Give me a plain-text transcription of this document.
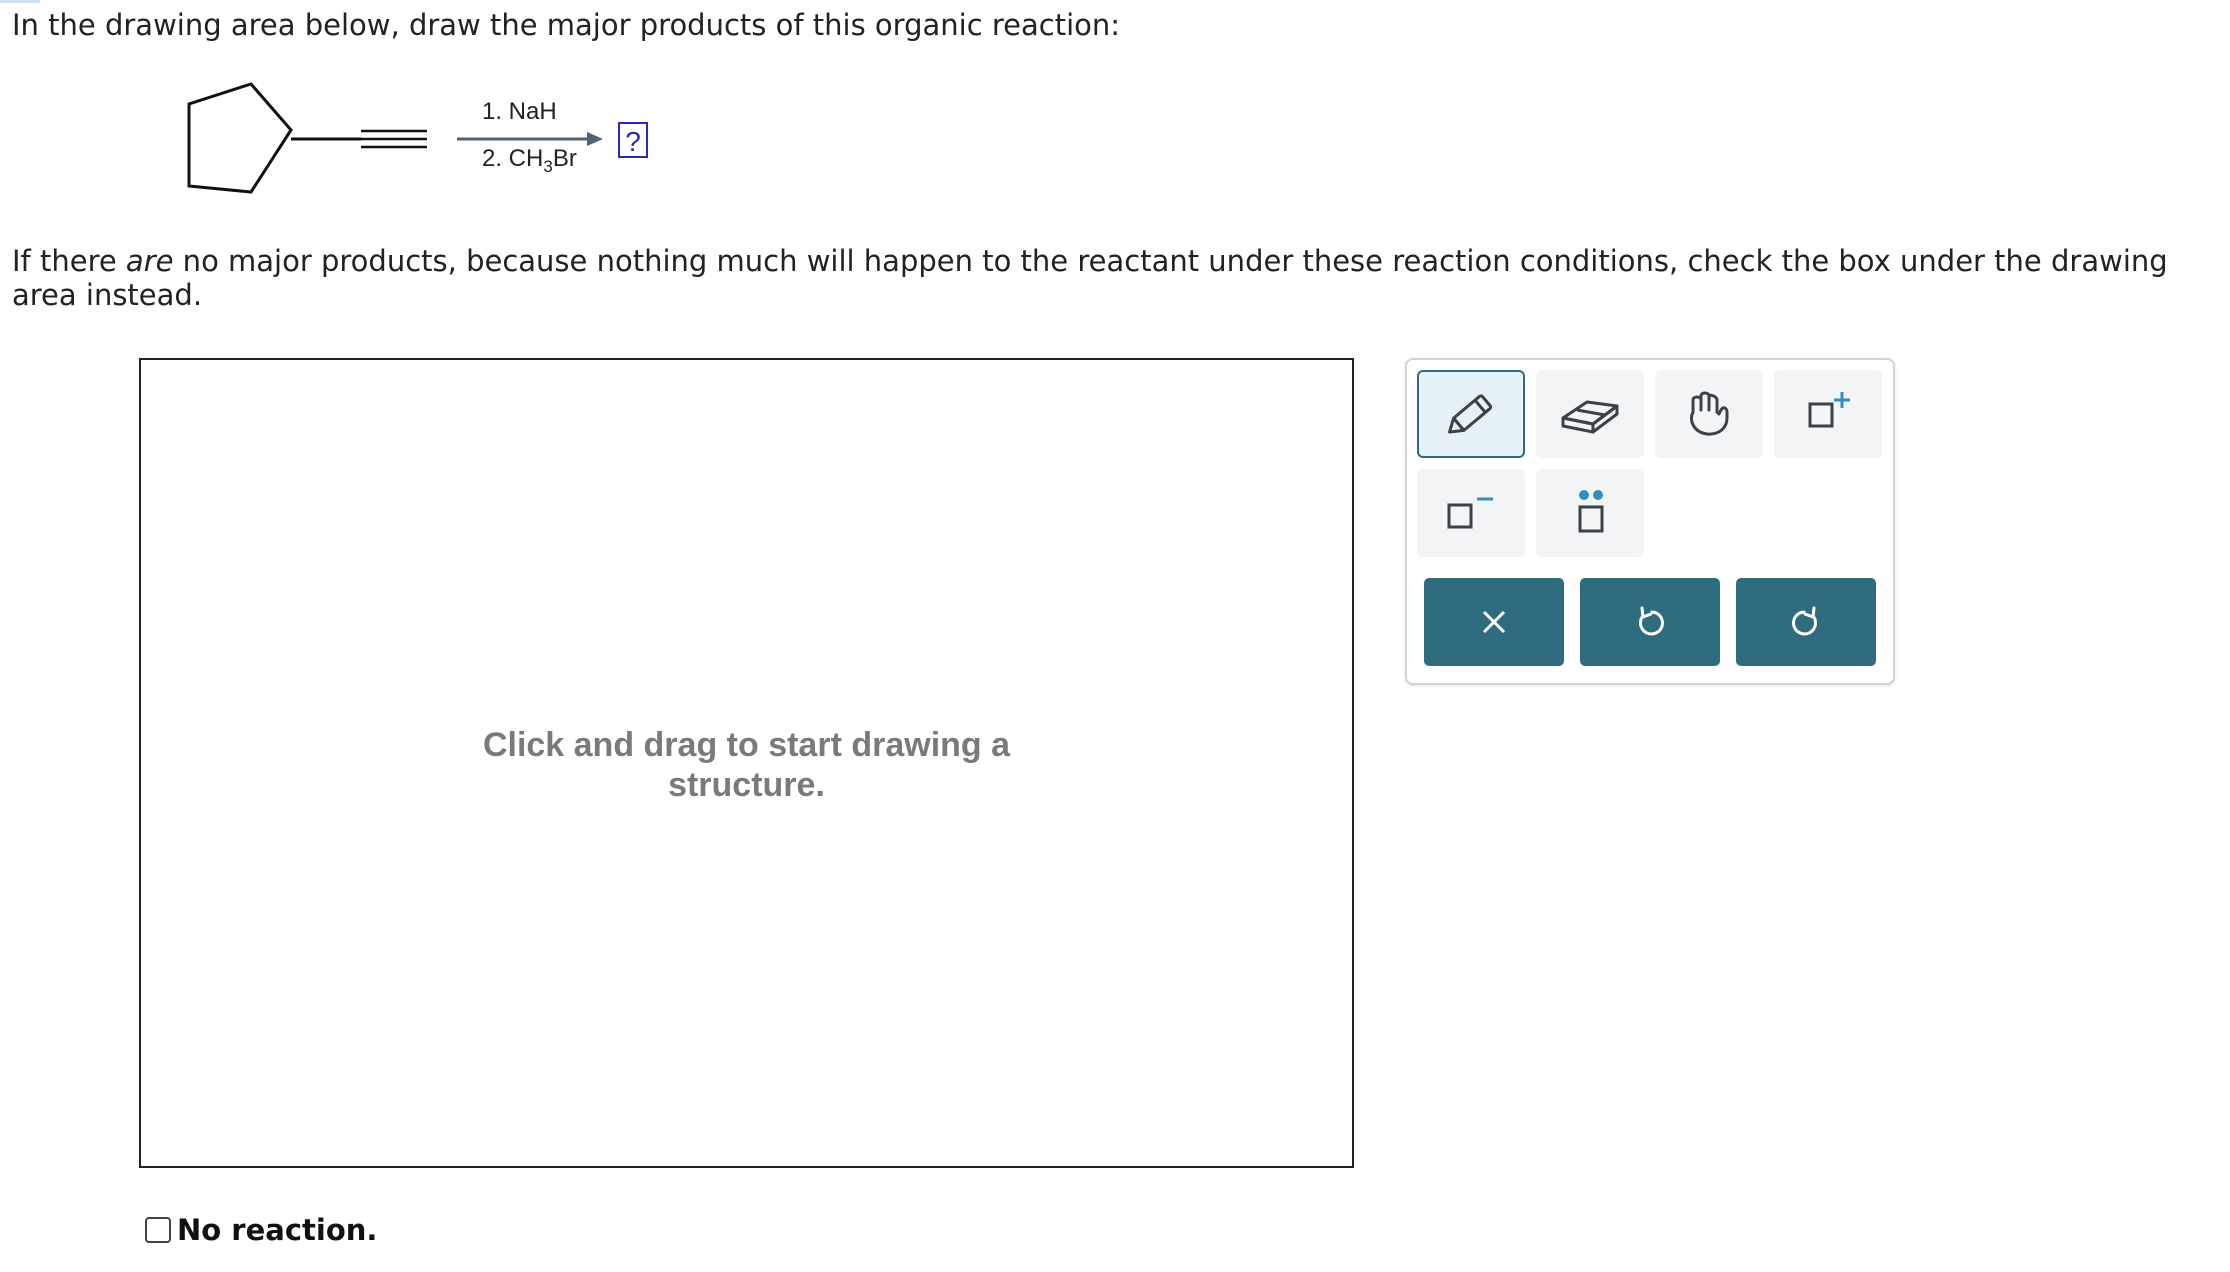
In the drawing area below, draw the major products of this organic reaction:

1. NaH
2. $CH_3Br$
?

If there are no major products, because nothing much will happen to the reactant under these reaction conditions, check the box under the drawing area instead.

Click and drag to start drawing a
structure.
No reaction.
